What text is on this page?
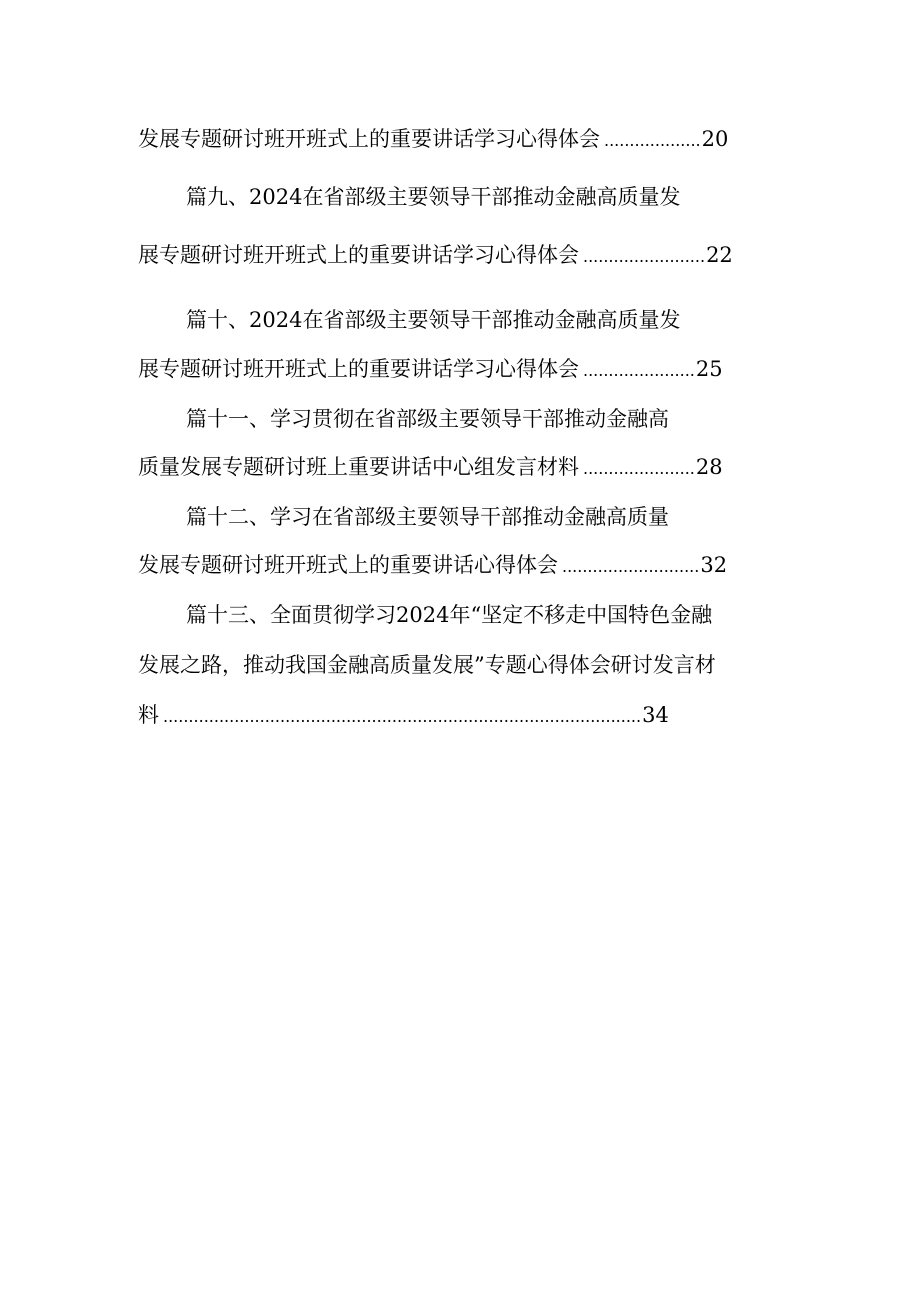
发展专题研讨班开班式上的重要讲话学习心得体会 ................... 20
篇九、2024在省部级主要领导干部推动金融高质量发
展专题研讨班开班式上的重要讲话学习心得体会 ........................ 22
篇十、2024在省部级主要领导干部推动金融高质量发
展专题研讨班开班式上的重要讲话学习心得体会 ...................... 25
篇十一、学习贯彻在省部级主要领导干部推动金融高
质量发展专题研讨班上重要讲话中心组发言材料 ...................... 28
篇十二、学习在省部级主要领导干部推动金融高质量
发展专题研讨班开班式上的重要讲话心得体会 ........................... 32
篇十三、全面贯彻学习2024年“坚定不移走中国特色金融
发展之路，推动我国金融高质量发展”专题心得体会研讨发言材
料 .............................................................................................. 34
